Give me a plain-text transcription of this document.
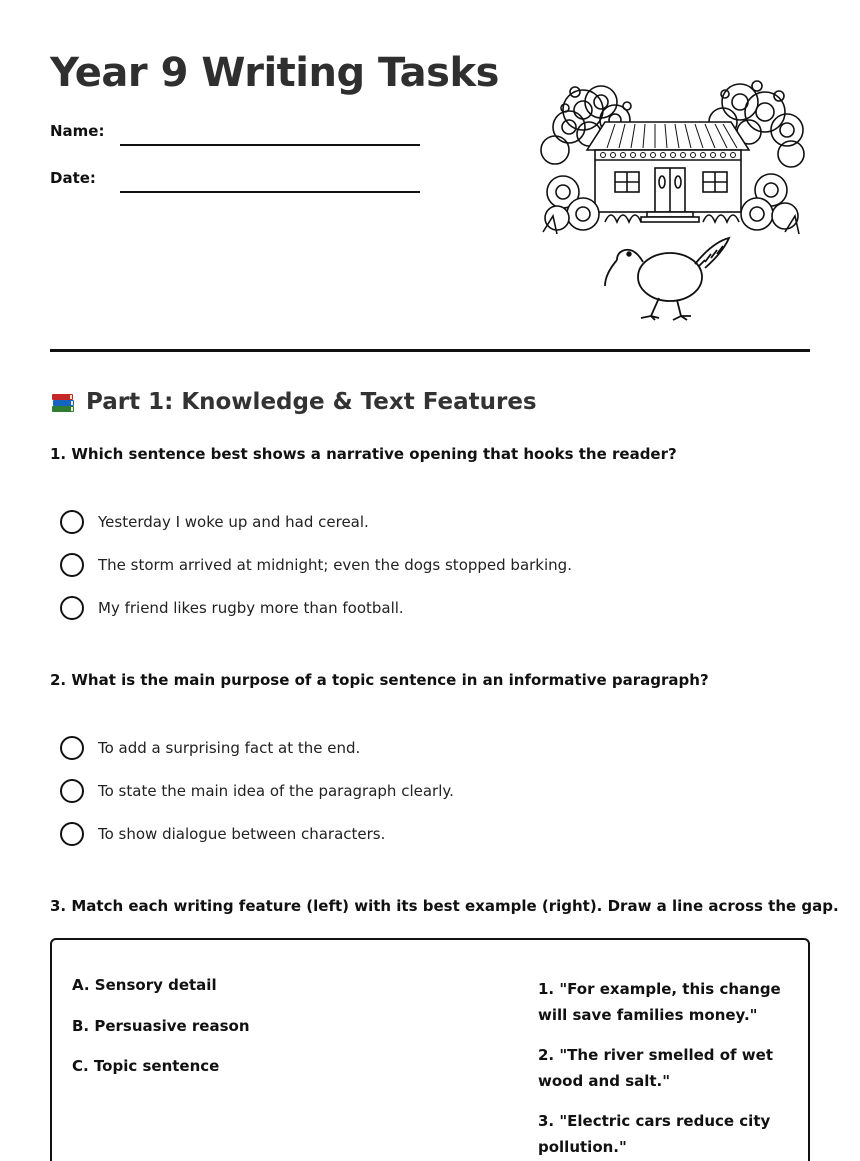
Year 9 Writing Tasks
Name:
Date:
Part 1: Knowledge & Text Features
1. Which sentence best shows a narrative opening that hooks the reader?
Yesterday I woke up and had cereal.
The storm arrived at midnight; even the dogs stopped barking.
My friend likes rugby more than football.
2. What is the main purpose of a topic sentence in an informative paragraph?
To add a surprising fact at the end.
To state the main idea of the paragraph clearly.
To show dialogue between characters.
3. Match each writing feature (left) with its best example (right). Draw a line across the gap.
A. Sensory detail
B. Persuasive reason
C. Topic sentence
1. "For example, this change will save families money."
2. "The river smelled of wet wood and salt."
3. "Electric cars reduce city pollution."
